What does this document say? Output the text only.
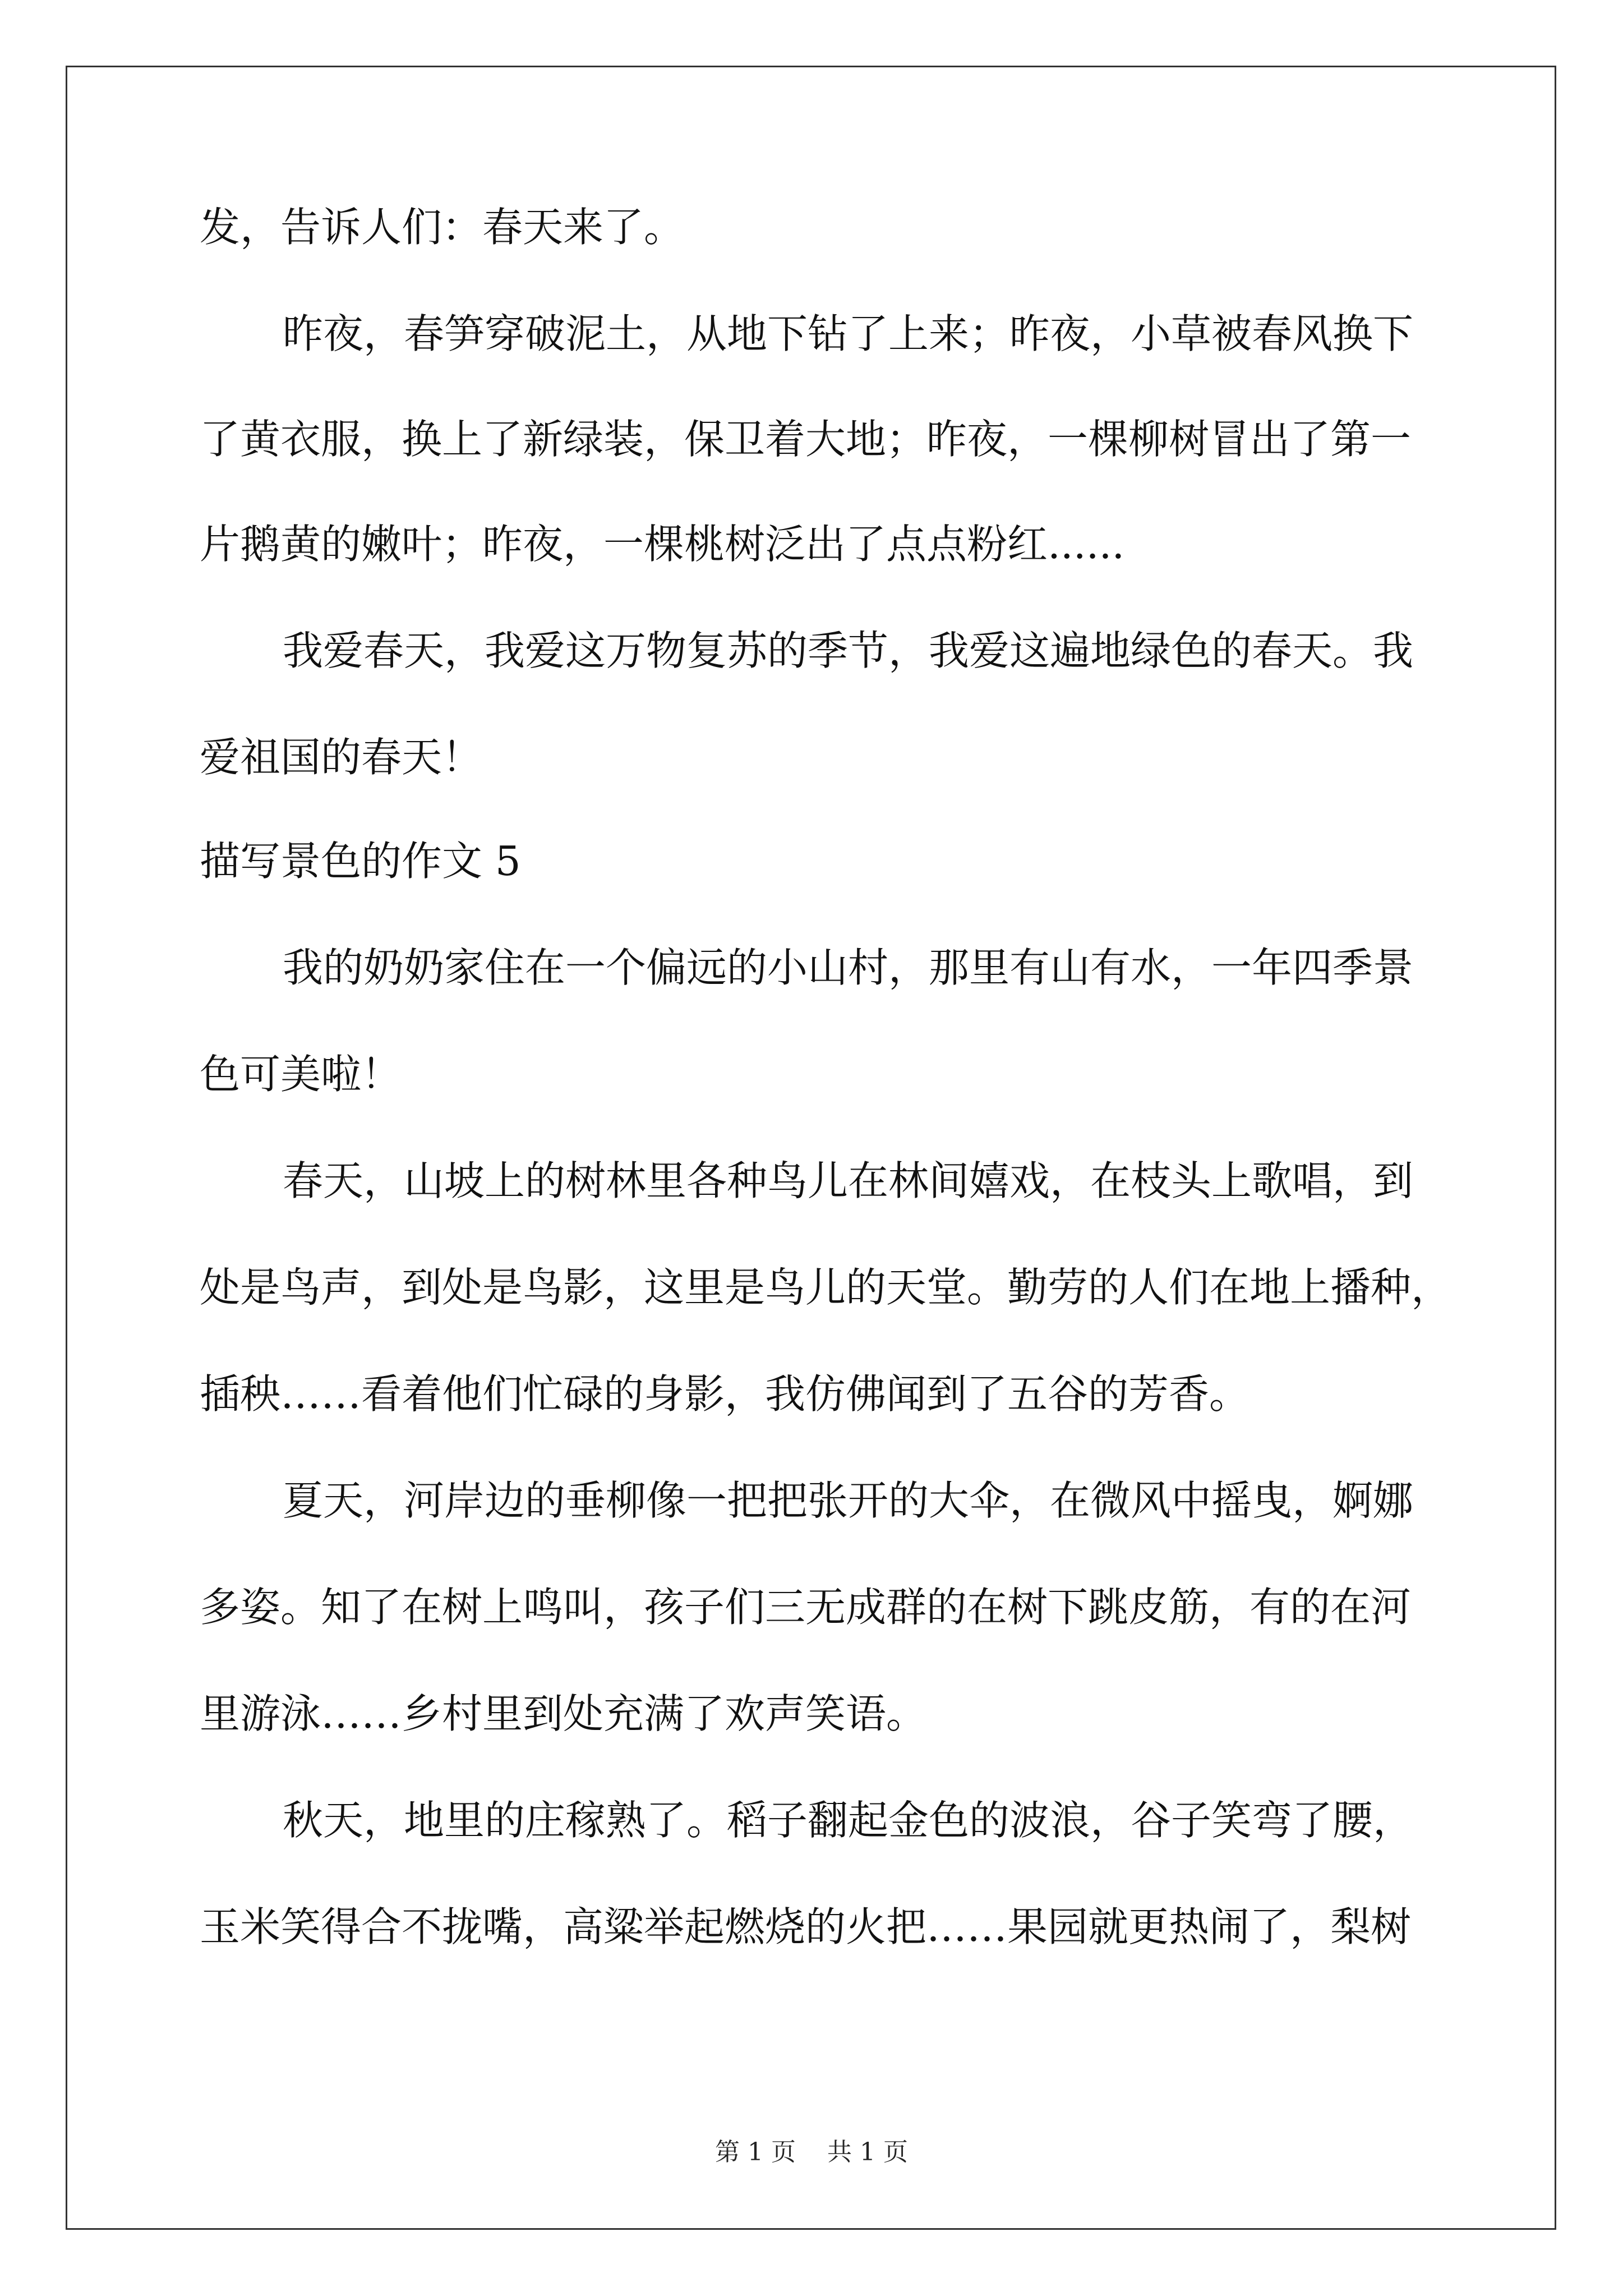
发，告诉人们：春天来了。
昨夜，春笋穿破泥土，从地下钻了上来；昨夜，小草被春风换下
了黄衣服，换上了新绿装，保卫着大地；昨夜，一棵柳树冒出了第一
片鹅黄的嫩叶；昨夜，一棵桃树泛出了点点粉红......
我爱春天，我爱这万物复苏的季节，我爱这遍地绿色的春天。我
爱祖国的春天！
描写景色的作文 5
我的奶奶家住在一个偏远的小山村，那里有山有水，一年四季景
色可美啦！
春天，山坡上的树林里各种鸟儿在林间嬉戏，在枝头上歌唱，到
处是鸟声，到处是鸟影，这里是鸟儿的天堂。勤劳的人们在地上播种，
插秧……看着他们忙碌的身影，我仿佛闻到了五谷的芳香。
夏天，河岸边的垂柳像一把把张开的大伞，在微风中摇曳，婀娜
多姿。知了在树上鸣叫，孩子们三无成群的在树下跳皮筋，有的在河
里游泳……乡村里到处充满了欢声笑语。
秋天，地里的庄稼熟了。稻子翻起金色的波浪，谷子笑弯了腰，
玉米笑得合不拢嘴，高粱举起燃烧的火把……果园就更热闹了，梨树
第 1 页 共 1 页
